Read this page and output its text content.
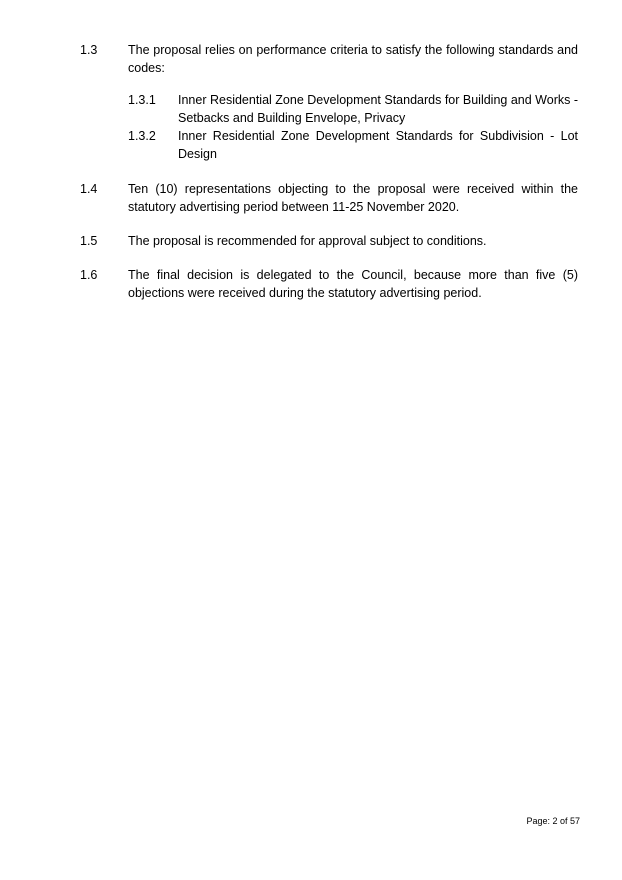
1.3 The proposal relies on performance criteria to satisfy the following standards and codes:
1.3.1 Inner Residential Zone Development Standards for Building and Works - Setbacks and Building Envelope, Privacy
1.3.2 Inner Residential Zone Development Standards for Subdivision - Lot Design
1.4 Ten (10) representations objecting to the proposal were received within the statutory advertising period between 11-25 November 2020.
1.5 The proposal is recommended for approval subject to conditions.
1.6 The final decision is delegated to the Council, because more than five (5) objections were received during the statutory advertising period.
Page: 2 of 57
